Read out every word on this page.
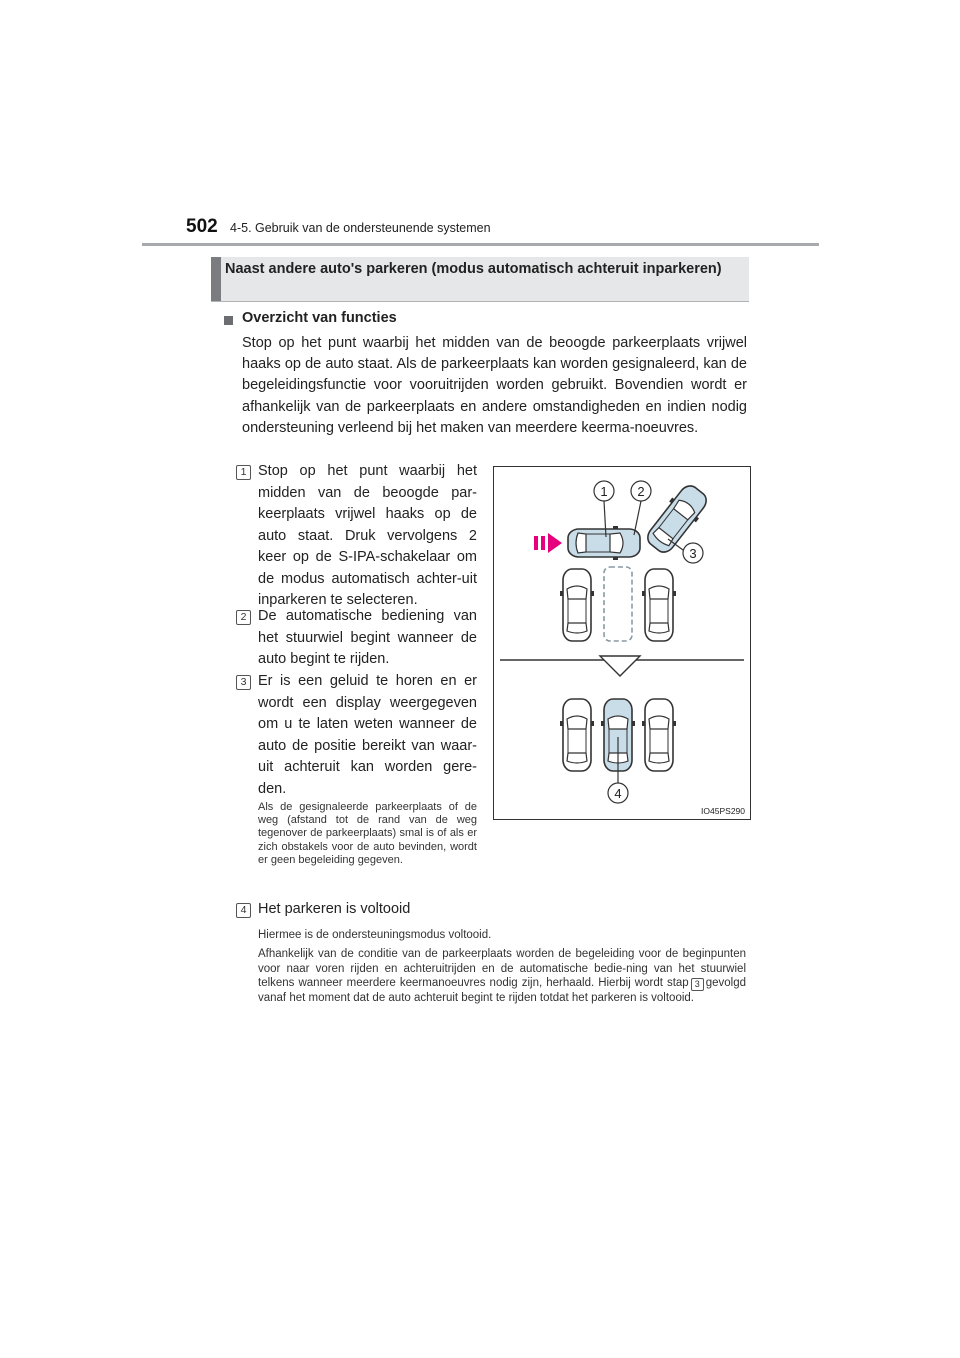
502 4-5. Gebruik van de ondersteunende systemen
Naast andere auto's parkeren (modus automatisch achteruit inparkeren)
Overzicht van functies
Stop op het punt waarbij het midden van de beoogde parkeerplaats vrijwel haaks op de auto staat. Als de parkeerplaats kan worden gesignaleerd, kan de begeleidingsfunctie voor vooruitrijden worden gebruikt. Bovendien wordt er afhankelijk van de parkeerplaats en andere omstandigheden en indien nodig ondersteuning verleend bij het maken van meerdere keerma-noeuvres.
1 Stop op het punt waarbij het midden van de beoogde par-keerplaats vrijwel haaks op de auto staat. Druk vervolgens 2 keer op de S-IPA-schakelaar om de modus automatisch achter-uit inparkeren te selecteren.
2 De automatische bediening van het stuurwiel begint wanneer de auto begint te rijden.
3 Er is een geluid te horen en er wordt een display weergegeven om u te laten weten wanneer de auto de positie bereikt van waar-uit achteruit kan worden gere-den.
Als de gesignaleerde parkeerplaats of de weg (afstand tot de rand van de weg tegenover de parkeerplaats) smal is of als er zich obstakels voor de auto bevinden, wordt er geen begeleiding gegeven.
4 Het parkeren is voltooid
Hiermee is de ondersteuningsmodus voltooid.
Afhankelijk van de conditie van de parkeerplaats worden de begeleiding voor de beginpunten voor naar voren rijden en achteruitrijden en de automatische bedie-ning van het stuurwiel telkens wanneer meerdere keermanoeuvres nodig zijn, herhaald. Hierbij wordt stap 3 gevolgd vanaf het moment dat de auto achteruit begint te rijden totdat het parkeren is voltooid.
1 2
3
4
IO45PS290
